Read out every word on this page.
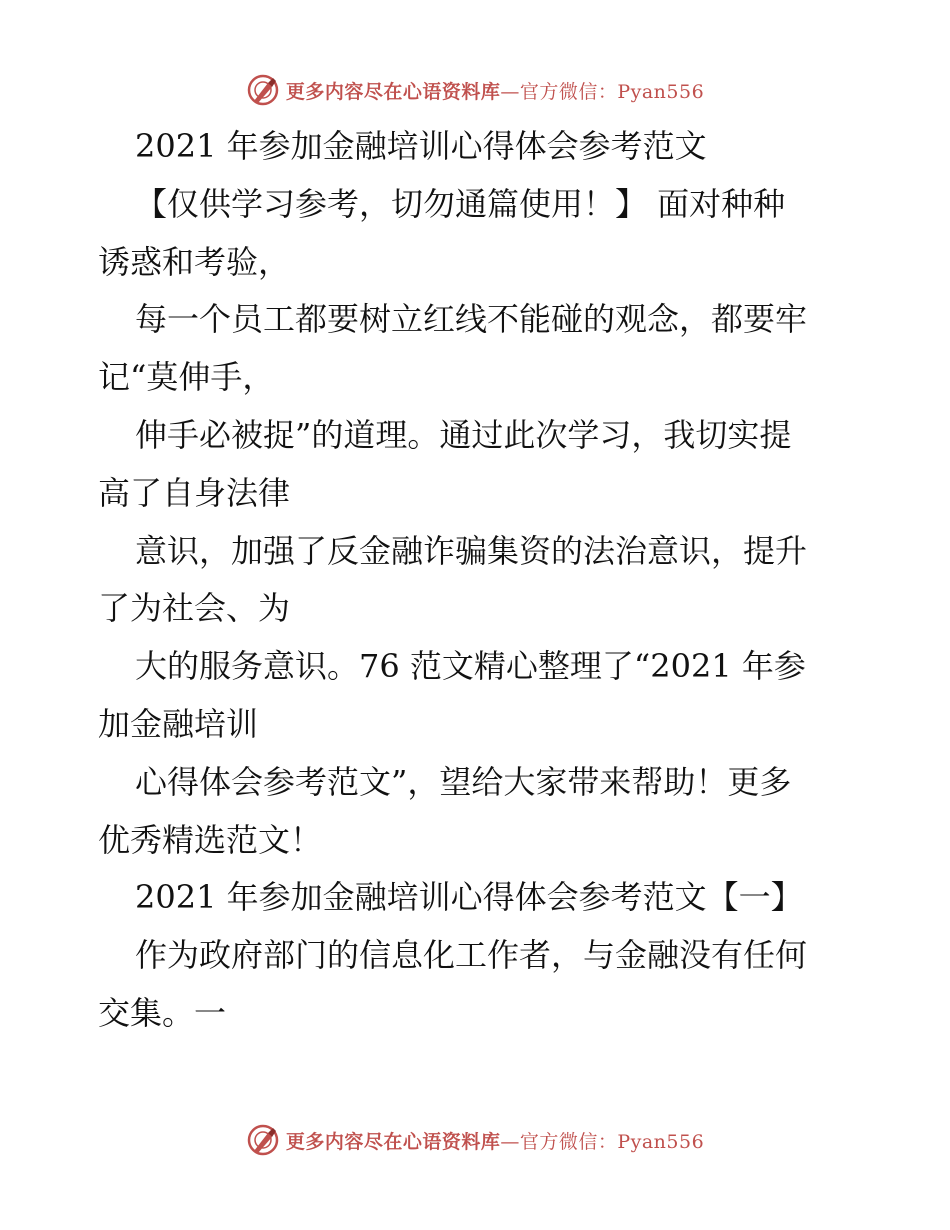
更多内容尽在心语资料库—官方微信：Pyan556
2021 年参加金融培训心得体会参考范文
【仅供学习参考，切勿通篇使用！】 面对种种
诱惑和考验，
每一个员工都要树立红线不能碰的观念，都要牢
记“莫伸手，
伸手必被捉”的道理。通过此次学习，我切实提
高了自身法律
意识，加强了反金融诈骗集资的法治意识，提升
了为社会、为
大的服务意识。76 范文精心整理了“2021 年参
加金融培训
心得体会参考范文”，望给大家带来帮助！更多
优秀精选范文！
2021 年参加金融培训心得体会参考范文【一】
作为政府部门的信息化工作者，与金融没有任何
交集。一
更多内容尽在心语资料库—官方微信：Pyan556
